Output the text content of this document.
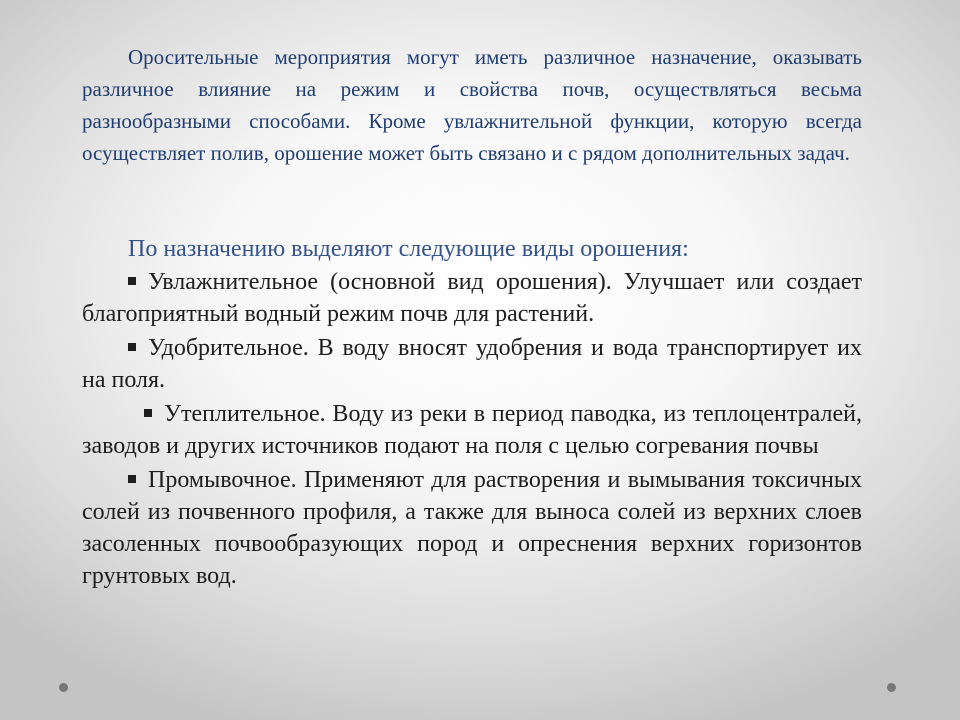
Оросительные мероприятия могут иметь различное назначение, оказывать различное влияние на режим и свойства почв, осуществляться весьма разнообразными способами. Кроме увлажнительной функции, которую всегда осуществляет полив, орошение может быть связано и с рядом дополнительных задач.

По назначению выделяют следующие виды орошения:

Увлажнительное (основной вид орошения). Улучшает или создает благоприятный водный режим почв для растений.
Удобрительное. В воду вносят удобрения и вода транспортирует их на поля.
Утеплительное. Воду из реки в период паводка, из теплоцентралей, заводов и других источников подают на поля с целью согревания почвы
Промывочное. Применяют для растворения и вымывания токсичных солей из почвенного профиля, а также для выноса солей из верхних слоев засоленных почвообразующих пород и опреснения верхних горизонтов грунтовых вод.
